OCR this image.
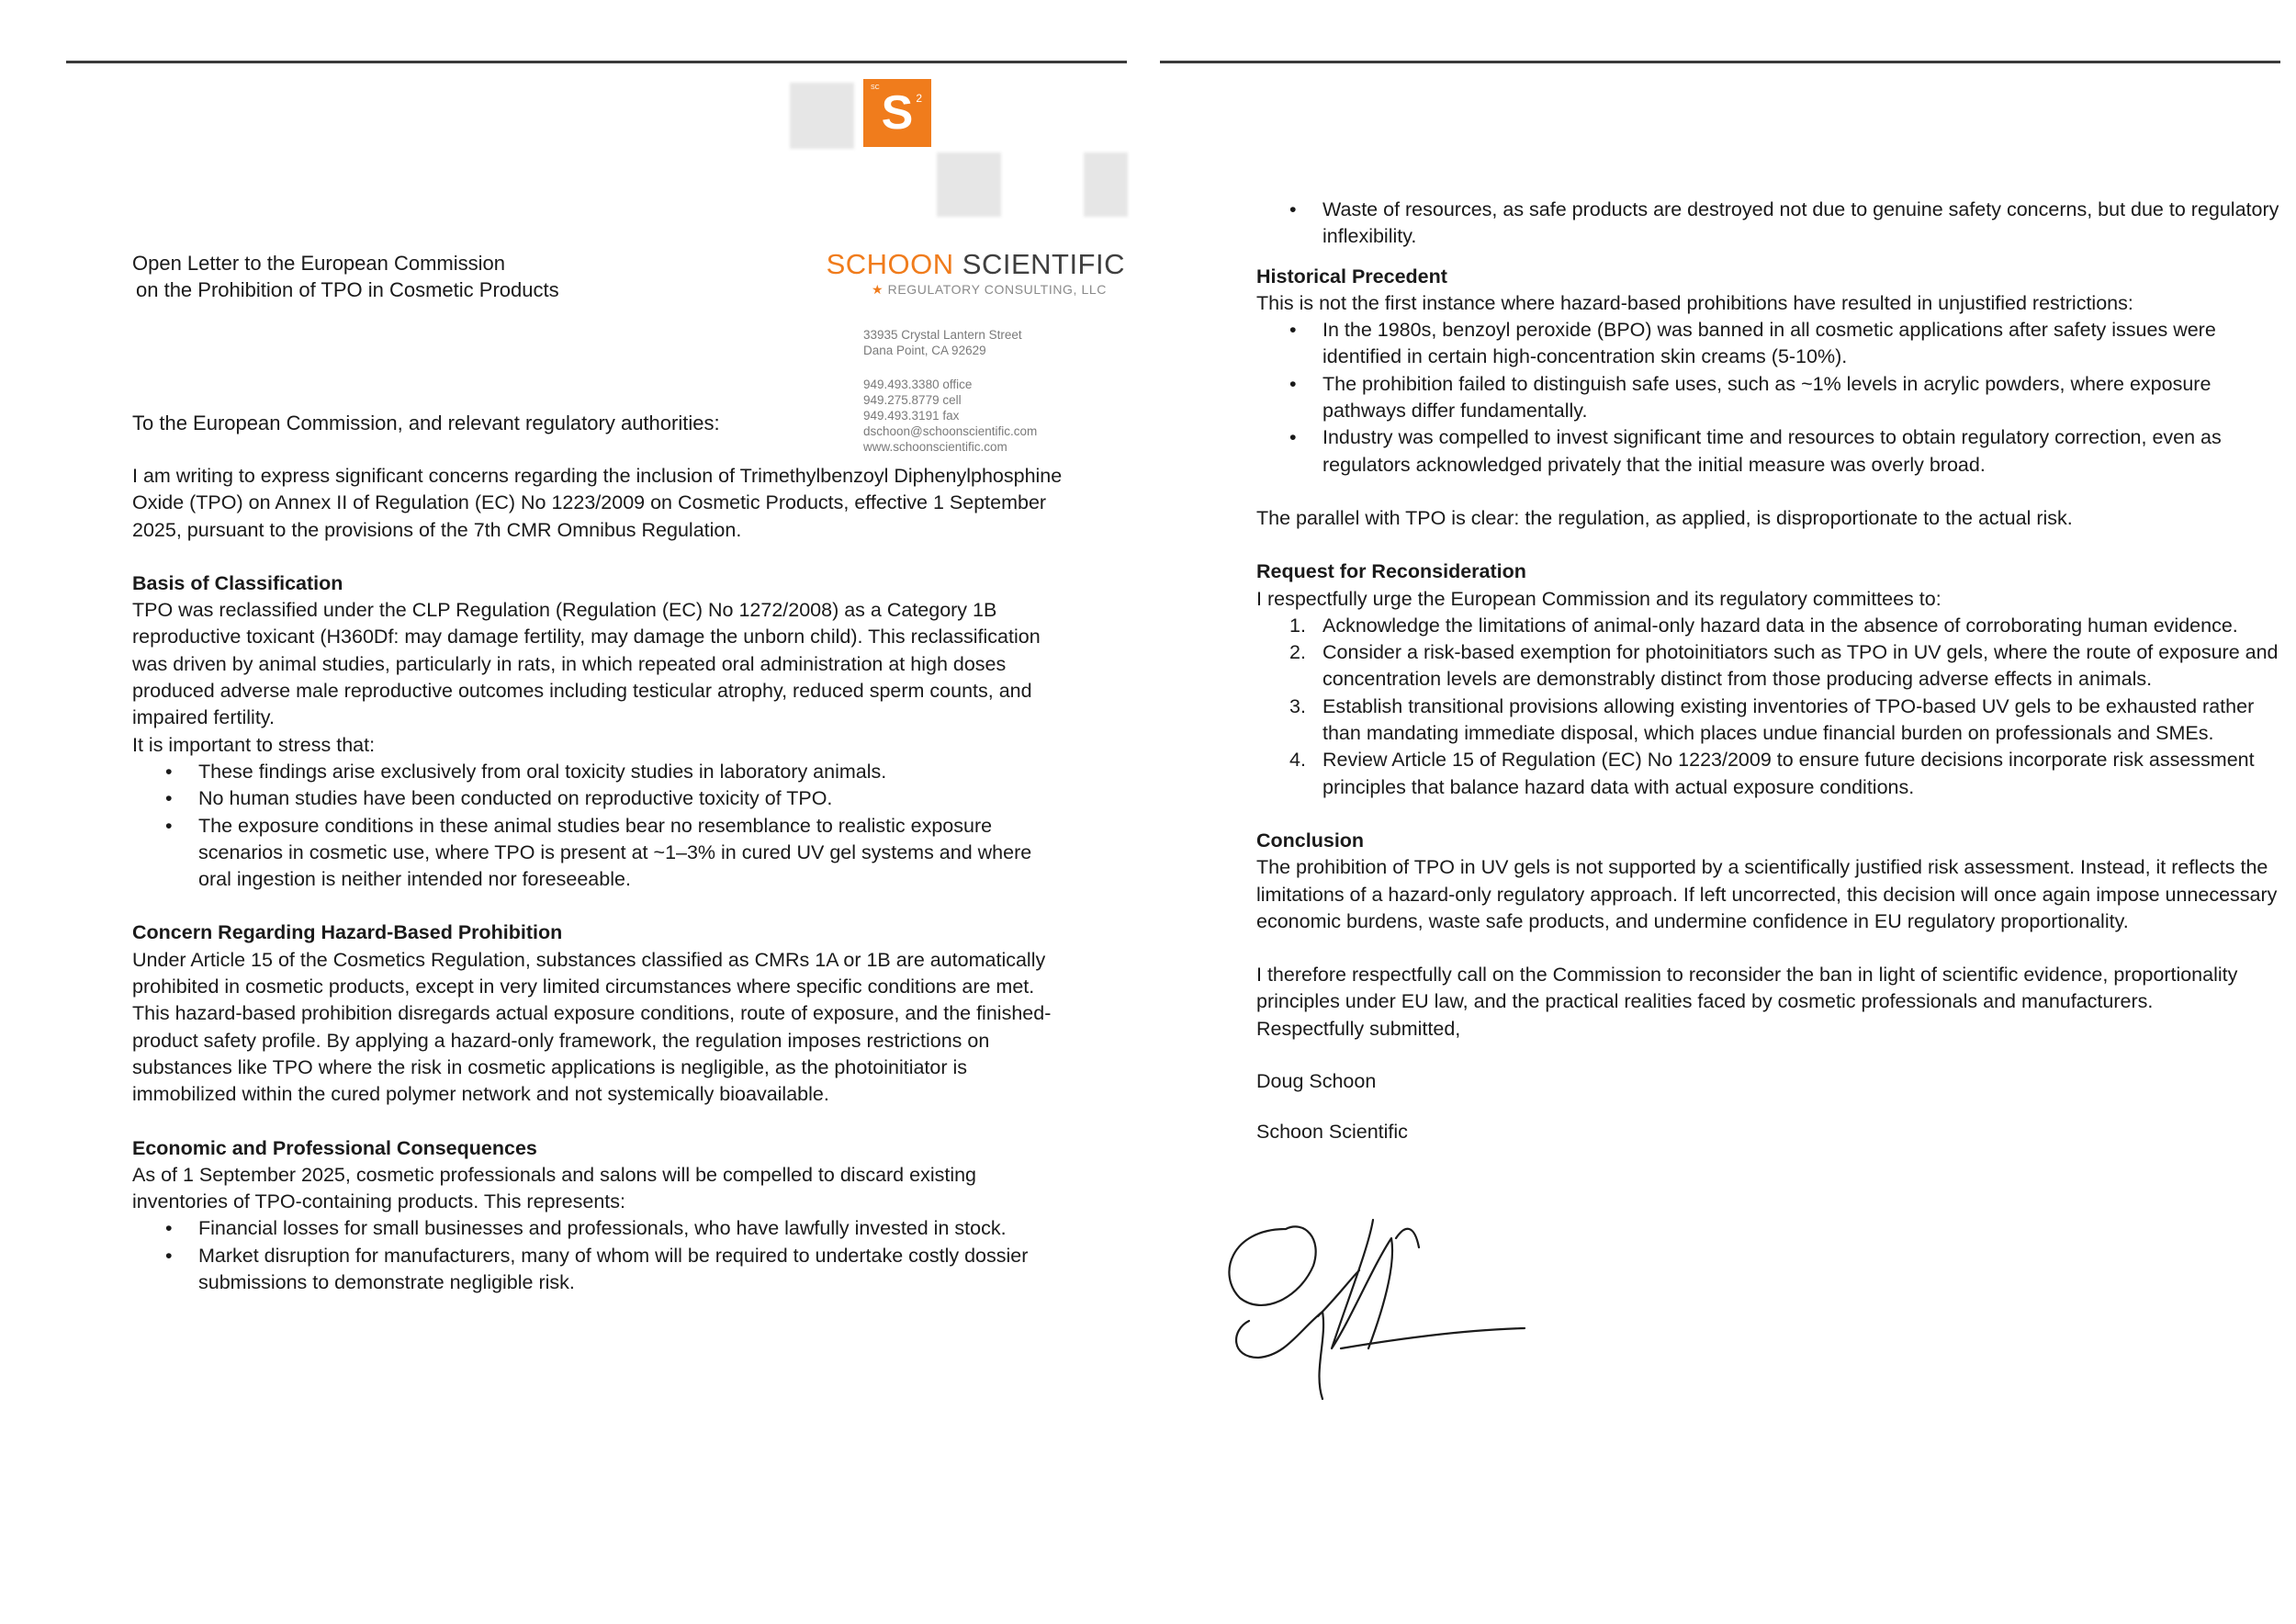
SC S 2
SCHOON SCIENTIFIC
★ REGULATORY CONSULTING, LLC
33935 Crystal Lantern Street
Dana Point, CA 92629
949.493.3380 office
949.275.8779 cell
949.493.3191 fax
dschoon@schoonscientific.com
www.schoonscientific.com
Open Letter to the European Commission
on the Prohibition of TPO in Cosmetic Products
To the European Commission, and relevant regulatory authorities:

I am writing to express significant concerns regarding the inclusion of Trimethylbenzoyl Diphenylphosphine Oxide (TPO) on Annex II of Regulation (EC) No 1223/2009 on Cosmetic Products, effective 1 September 2025, pursuant to the provisions of the 7th CMR Omnibus Regulation.

Basis of Classification

TPO was reclassified under the CLP Regulation (Regulation (EC) No 1272/2008) as a Category 1B reproductive toxicant (H360Df: may damage fertility, may damage the unborn child). This reclassification was driven by animal studies, particularly in rats, in which repeated oral administration at high doses produced adverse male reproductive outcomes including testicular atrophy, reduced sperm counts, and impaired fertility.

It is important to stress that:

• These findings arise exclusively from oral toxicity studies in laboratory animals.
• No human studies have been conducted on reproductive toxicity of TPO.
• The exposure conditions in these animal studies bear no resemblance to realistic exposure scenarios in cosmetic use, where TPO is present at ~1–3% in cured UV gel systems and where oral ingestion is neither intended nor foreseeable.
Concern Regarding Hazard-Based Prohibition

Under Article 15 of the Cosmetics Regulation, substances classified as CMRs 1A or 1B are automatically prohibited in cosmetic products, except in very limited circumstances where specific conditions are met. This hazard-based prohibition disregards actual exposure conditions, route of exposure, and the finished-product safety profile. By applying a hazard-only framework, the regulation imposes restrictions on substances like TPO where the risk in cosmetic applications is negligible, as the photoinitiator is immobilized within the cured polymer network and not systemically bioavailable.

Economic and Professional Consequences

As of 1 September 2025, cosmetic professionals and salons will be compelled to discard existing inventories of TPO-containing products. This represents:

• Financial losses for small businesses and professionals, who have lawfully invested in stock.
• Market disruption for manufacturers, many of whom will be required to undertake costly dossier submissions to demonstrate negligible risk.
• Waste of resources, as safe products are destroyed not due to genuine safety concerns, but due to regulatory inflexibility.
Historical Precedent

This is not the first instance where hazard-based prohibitions have resulted in unjustified restrictions:

• In the 1980s, benzoyl peroxide (BPO) was banned in all cosmetic applications after safety issues were identified in certain high-concentration skin creams (5-10%).
• The prohibition failed to distinguish safe uses, such as ~1% levels in acrylic powders, where exposure pathways differ fundamentally.
• Industry was compelled to invest significant time and resources to obtain regulatory correction, even as regulators acknowledged privately that the initial measure was overly broad.

The parallel with TPO is clear: the regulation, as applied, is disproportionate to the actual risk.

Request for Reconsideration

I respectfully urge the European Commission and its regulatory committees to:

1. Acknowledge the limitations of animal-only hazard data in the absence of corroborating human evidence.
2. Consider a risk-based exemption for photoinitiators such as TPO in UV gels, where the route of exposure and concentration levels are demonstrably distinct from those producing adverse effects in animals.
3. Establish transitional provisions allowing existing inventories of TPO-based UV gels to be exhausted rather than mandating immediate disposal, which places undue financial burden on professionals and SMEs.
4. Review Article 15 of Regulation (EC) No 1223/2009 to ensure future decisions incorporate risk assessment principles that balance hazard data with actual exposure conditions.
Conclusion

The prohibition of TPO in UV gels is not supported by a scientifically justified risk assessment. Instead, it reflects the limitations of a hazard-only regulatory approach. If left uncorrected, this decision will once again impose unnecessary economic burdens, waste safe products, and undermine confidence in EU regulatory proportionality.

I therefore respectfully call on the Commission to reconsider the ban in light of scientific evidence, proportionality principles under EU law, and the practical realities faced by cosmetic professionals and manufacturers.

Respectfully submitted,

Doug Schoon

Schoon Scientific
